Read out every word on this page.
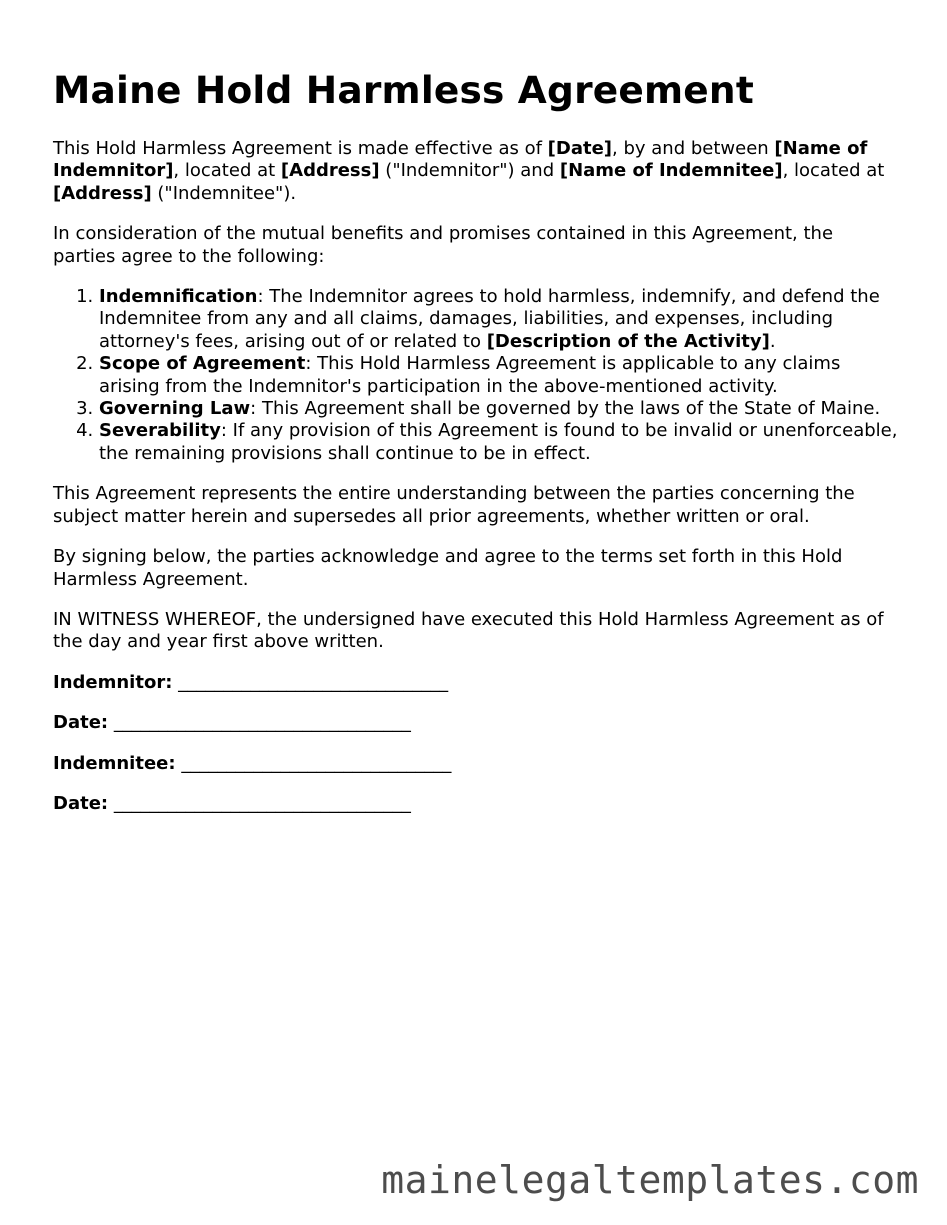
Maine Hold Harmless Agreement

This Hold Harmless Agreement is made effective as of [Date], by and between [Name of Indemnitor], located at [Address] ("Indemnitor") and [Name of Indemnitee], located at [Address] ("Indemnitee").

In consideration of the mutual benefits and promises contained in this Agreement, the parties agree to the following:

1. Indemnification: The Indemnitor agrees to hold harmless, indemnify, and defend the Indemnitee from any and all claims, damages, liabilities, and expenses, including attorney's fees, arising out of or related to [Description of the Activity].
2. Scope of Agreement: This Hold Harmless Agreement is applicable to any claims arising from the Indemnitor's participation in the above-mentioned activity.
3. Governing Law: This Agreement shall be governed by the laws of the State of Maine.
4. Severability: If any provision of this Agreement is found to be invalid or unenforceable, the remaining provisions shall continue to be in effect.

This Agreement represents the entire understanding between the parties concerning the subject matter herein and supersedes all prior agreements, whether written or oral.

By signing below, the parties acknowledge and agree to the terms set forth in this Hold Harmless Agreement.

IN WITNESS WHEREOF, the undersigned have executed this Hold Harmless Agreement as of the day and year first above written.

Indemnitor: ______________________________
Date: _________________________________
Indemnitee: ______________________________
Date: _________________________________
mainelegaltemplates.com
